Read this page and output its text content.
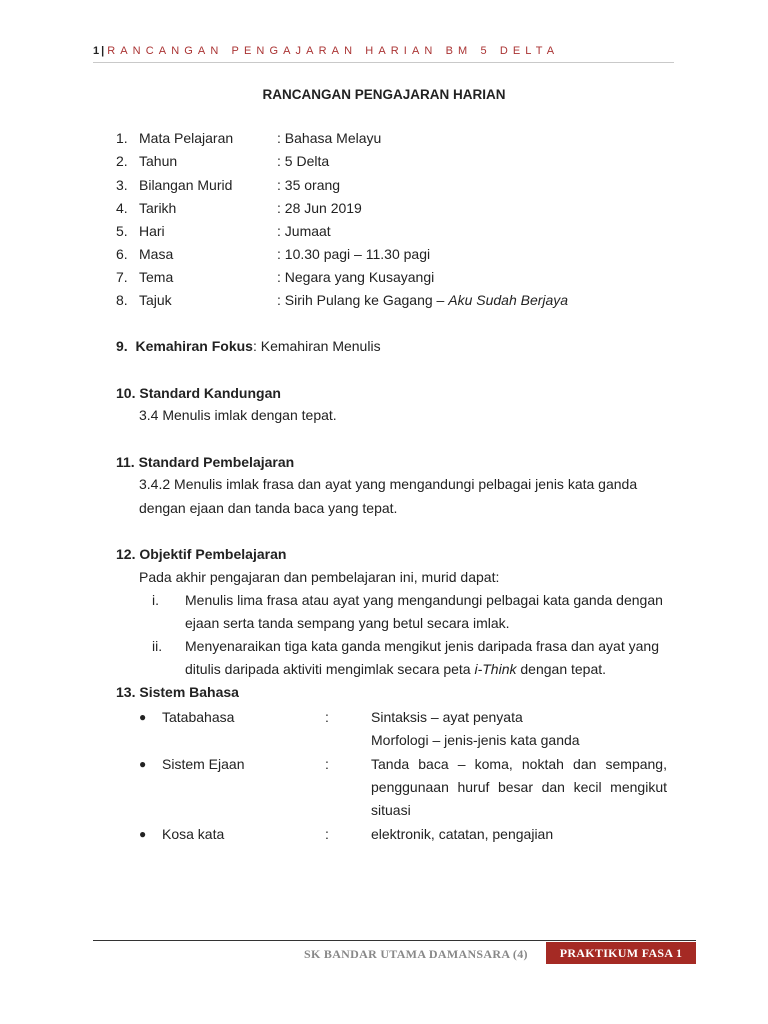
1 | RANCANGAN PENGAJARAN HARIAN BM 5 DELTA
RANCANGAN PENGAJARAN HARIAN
1. Mata Pelajaran	: Bahasa Melayu
2. Tahun	: 5 Delta
3. Bilangan Murid	: 35 orang
4. Tarikh	: 28 Jun 2019
5. Hari	: Jumaat
6. Masa	: 10.30 pagi – 11.30 pagi
7. Tema	: Negara yang Kusayangi
8. Tajuk	: Sirih Pulang ke Gagang – Aku Sudah Berjaya
9. Kemahiran Fokus: Kemahiran Menulis
10. Standard Kandungan
3.4 Menulis imlak dengan tepat.
11. Standard Pembelajaran
3.4.2 Menulis imlak frasa dan ayat yang mengandungi pelbagai jenis kata ganda
dengan ejaan dan tanda baca yang tepat.
12. Objektif Pembelajaran
Pada akhir pengajaran dan pembelajaran ini, murid dapat:
i. Menulis lima frasa atau ayat yang mengandungi pelbagai kata ganda dengan
ejaan serta tanda sempang yang betul secara imlak.
ii. Menyenaraikan tiga kata ganda mengikut jenis daripada frasa dan ayat yang
ditulis daripada aktiviti mengimlak secara peta i-Think dengan tepat.
13. Sistem Bahasa
● Tatabahasa	:	Sintaksis – ayat penyata
Morfologi – jenis-jenis kata ganda
● Sistem Ejaan	:	Tanda baca – koma, noktah dan sempang, penggunaan huruf besar dan kecil mengikut situasi
● Kosa kata	:	elektronik, catatan, pengajian
SK BANDAR UTAMA DAMANSARA (4)	PRAKTIKUM FASA 1
